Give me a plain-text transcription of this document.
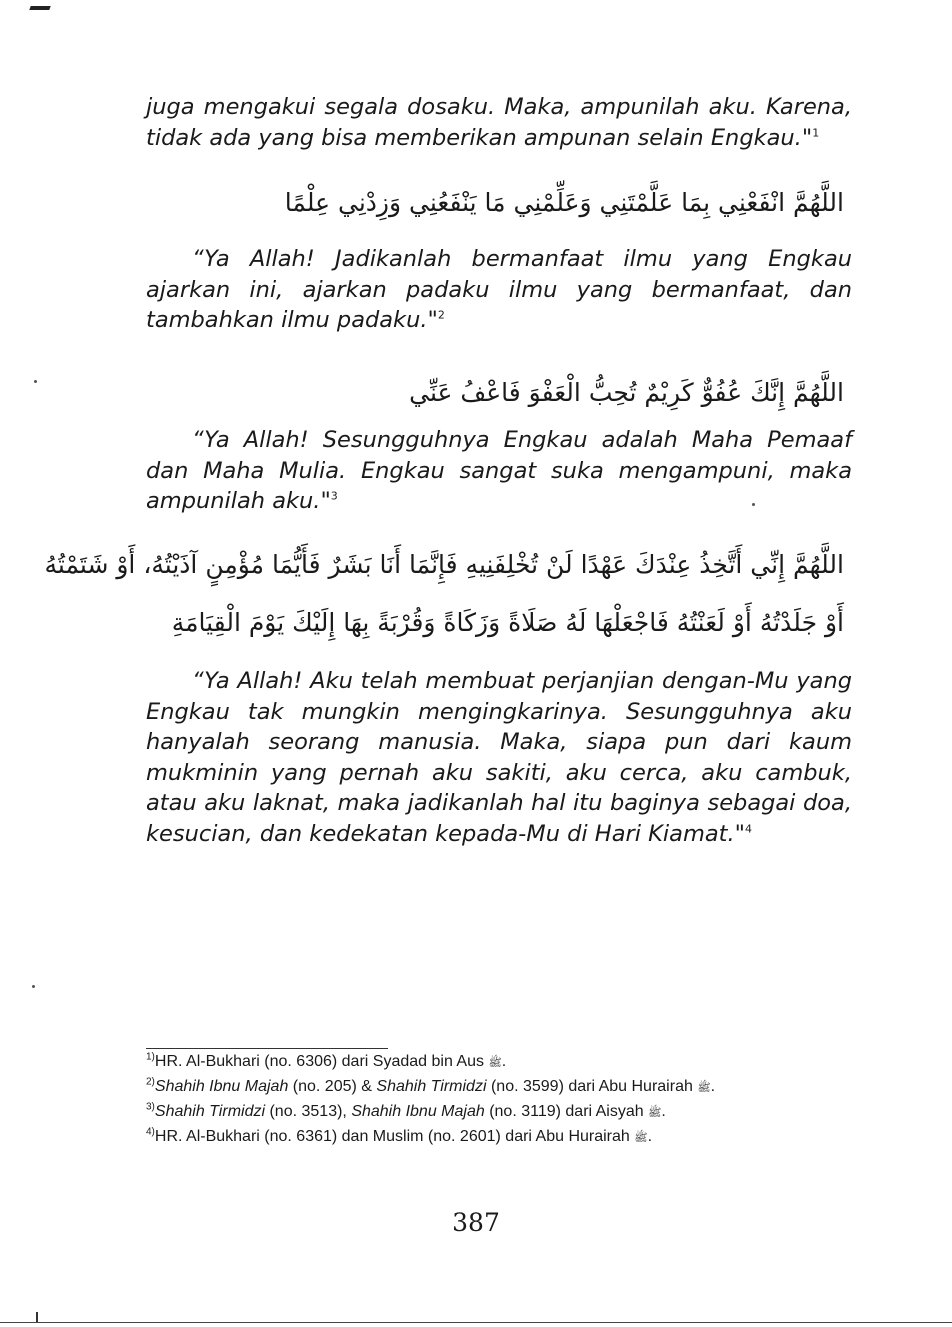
juga mengakui segala dosaku. Maka, ampunilah aku. Karena, tidak ada yang bisa memberikan ampunan selain Engkau."$^1$
اللَّهُمَّ انْفَعْنِي بِمَا عَلَّمْتَنِي وَعَلِّمْنِي مَا يَنْفَعُنِي وَزِدْنِي عِلْمًا
“Ya Allah! Jadikanlah bermanfaat ilmu yang Engkau ajarkan ini, ajarkan padaku ilmu yang bermanfaat, dan tambahkan ilmu padaku."$^2$
اللَّهُمَّ إِنَّكَ عُفُوٌّ كَرِيْمٌ تُحِبُّ الْعَفْوَ فَاعْفُ عَنِّي
“Ya Allah! Sesungguhnya Engkau adalah Maha Pemaaf dan Maha Mulia. Engkau sangat suka mengampuni, maka ampunilah aku."$^3$
اللَّهُمَّ إِنِّي أَتَّخِذُ عِنْدَكَ عَهْدًا لَنْ تُخْلِفَنِيهِ فَإِنَّمَا أَنَا بَشَرٌ فَأَيُّمَا مُؤْمِنٍ آذَيْتُهُ، أَوْ شَتَمْتُهُ
أَوْ جَلَدْتُهُ أَوْ لَعَنْتُهُ فَاجْعَلْهَا لَهُ صَلَاةً وَزَكَاةً وَقُرْبَةً بِهَا إِلَيْكَ يَوْمَ الْقِيَامَةِ
“Ya Allah! Aku telah membuat perjanjian dengan-Mu yang Engkau tak mungkin mengingkarinya. Sesungguhnya aku hanyalah seorang manusia. Maka, siapa pun dari kaum mukminin yang pernah aku sakiti, aku cerca, aku cambuk, atau aku laknat, maka jadikanlah hal itu baginya sebagai doa, kesucian, dan kedekatan kepada-Mu di Hari Kiamat."$^4$
$^{1)}$HR. Al-Bukhari (no. 6306) dari Syadad bin Aus ﷺ.
$^{2)}$Shahih Ibnu Majah (no. 205) & Shahih Tirmidzi (no. 3599) dari Abu Hurairah ﷺ.
$^{3)}$Shahih Tirmidzi (no. 3513), Shahih Ibnu Majah (no. 3119) dari Aisyah ﷺ.
$^{4)}$HR. Al-Bukhari (no. 6361) dan Muslim (no. 2601) dari Abu Hurairah ﷺ.
387
